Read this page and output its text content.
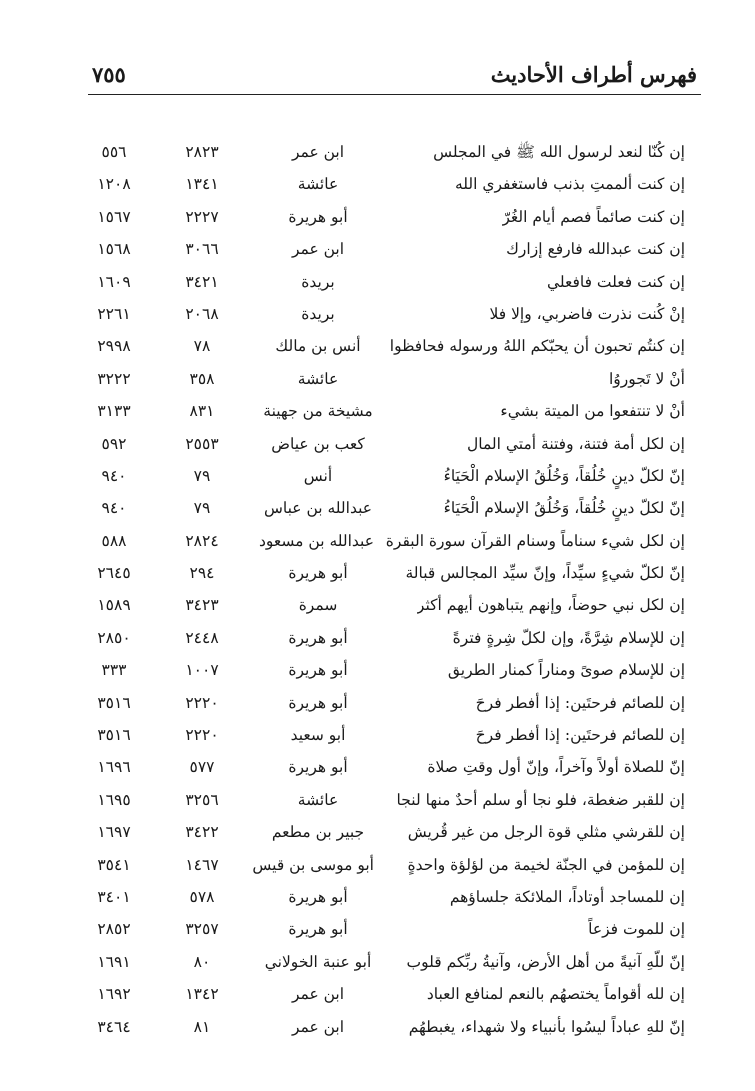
فهرس أطراف الأحاديث
٧٥٥
إن كُنّا لنعد لرسول الله ﷺ في المجلس
ابن عمر
٢٨٢٣
٥٥٦
إن كنت ألممتِ بذنب فاستغفري الله
عائشة
١٣٤١
١٢٠٨
إن كنت صائماً فصم أيام الغُرّ
أبو هريرة
٢٢٢٧
١٥٦٧
إن كنت عبدالله فارفع إزارك
ابن عمر
٣٠٦٦
١٥٦٨
إن كنت فعلت فافعلي
بريدة
٣٤٢١
١٦٠٩
إنْ كُنت نذرت فاضربي، وإلا فلا
بريدة
٢٠٦٨
٢٢٦١
إن كنتُم تحبون أن يحبّكم اللهُ ورسوله فحافظوا
أنس بن مالك
٧٨
٢٩٩٨
أنْ لا تَجوروُا
عائشة
٣٥٨
٣٢٢٢
أنْ لا تنتفعوا من الميتة بشيء
مشيخة من جهينة
٨٣١
٣١٣٣
إن لكل أمة فتنة، وفتنة أمتي المال
كعب بن عياض
٢٥٥٣
٥٩٢
إنّ لكلّ دينٍ خُلُقاً، وَخُلُقُ الإسلام الْحَيَاءُ
أنس
٧٩
٩٤٠
إنّ لكلّ دينٍ خُلُقاً، وَخُلُقُ الإسلام الْحَيَاءُ
عبدالله بن عباس
٧٩
٩٤٠
إن لكل شيء سناماً وسنام القرآن سورة البقرة
عبدالله بن مسعود
٢٨٢٤
٥٨٨
إنّ لكلّ شيءٍ سيِّداً، وإنّ سيِّد المجالس قبالة
أبو هريرة
٢٩٤
٢٦٤٥
إن لكل نبي حوضاً، وإنهم يتباهون أيهم أكثر
سمرة
٣٤٢٣
١٥٨٩
إن للإسلام شِرَّةً، وإن لكلّ شِرةٍ فترةً
أبو هريرة
٢٤٤٨
٢٨٥٠
إن للإسلام صوىً ومناراً كمنار الطريق
أبو هريرة
١٠٠٧
٣٣٣
إن للصائم فرحتَين: إذا أفطر فرحَ
أبو هريرة
٢٢٢٠
٣٥١٦
إن للصائم فرحتَين: إذا أفطر فرحَ
أبو سعيد
٢٢٢٠
٣٥١٦
إنّ للصلاة أولاً وآخراً، وإنّ أول وقتِ صلاة
أبو هريرة
٥٧٧
١٦٩٦
إن للقبر ضغطة، فلو نجا أو سلم أحدٌ منها لنجا
عائشة
٣٢٥٦
١٦٩٥
إن للقرشي مثلي قوة الرجل من غير قُريش
جبير بن مطعم
٣٤٢٢
١٦٩٧
إن للمؤمن في الجنّة لخيمة من لؤلؤة واحدةٍ
أبو موسى بن قيس
١٤٦٧
٣٥٤١
إن للمساجد أوتاداً، الملائكة جلساؤهم
أبو هريرة
٥٧٨
٣٤٠١
إن للموت فزعاً
أبو هريرة
٣٢٥٧
٢٨٥٢
إنّ للّهِ آنيةً من أهل الأرض، وآنيةُ ربِّكم قلوب
أبو عنبة الخولاني
٨٠
١٦٩١
إن لله أقواماً يختصهُم بالنعم لمنافع العباد
ابن عمر
١٣٤٢
١٦٩٢
إنّ للهِ عباداً ليسُوا بأنبياء ولا شهداء، يغبطهُم
ابن عمر
٨١
٣٤٦٤
